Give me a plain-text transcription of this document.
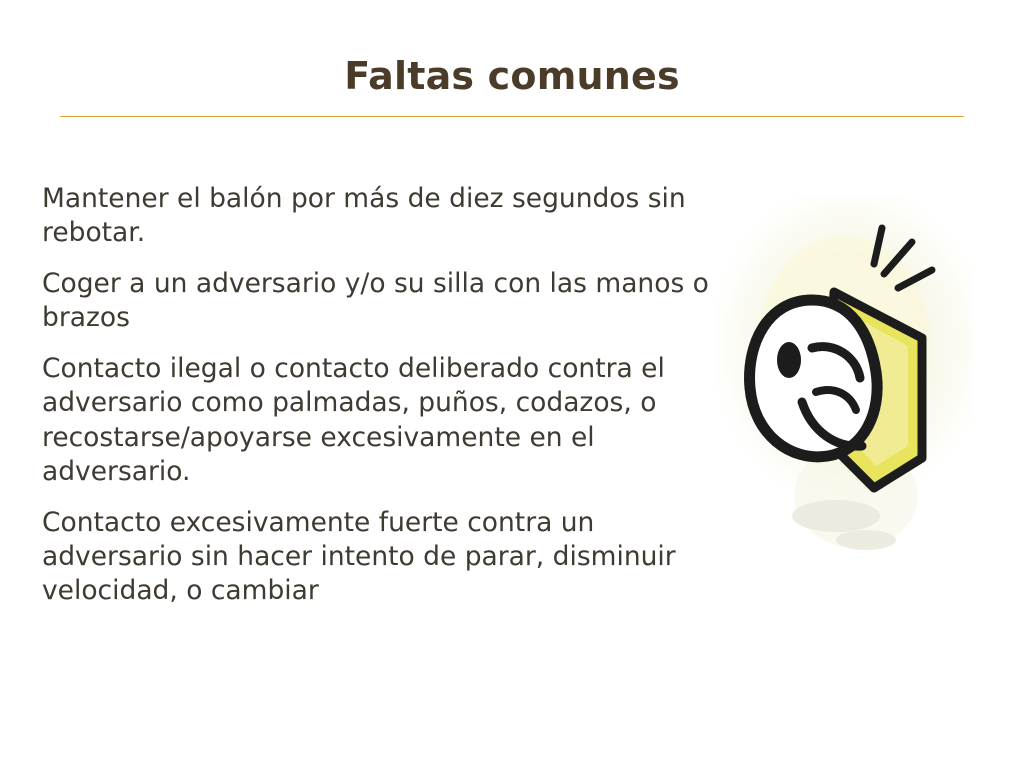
Faltas comunes

Mantener el balón por más de diez segundos sin rebotar.

Coger a un adversario y/o su silla con las manos o brazos

Contacto ilegal o contacto deliberado contra el adversario como palmadas, puños, codazos, o recostarse/apoyarse excesivamente en el adversario.

Contacto excesivamente fuerte contra un adversario sin hacer intento de parar, disminuir velocidad, o cambiar
